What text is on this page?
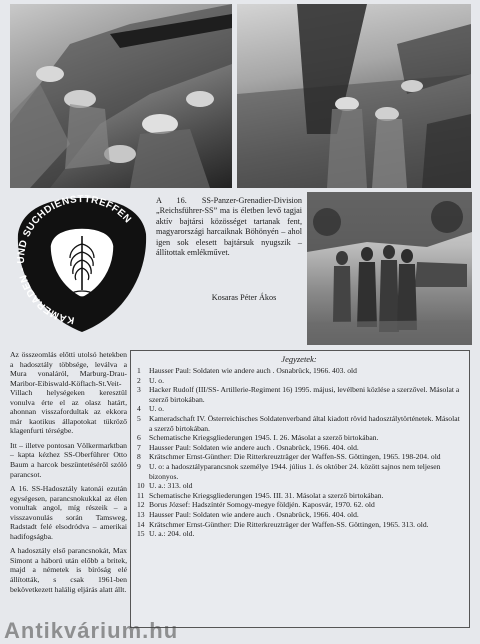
KAMERADEN - UND SUCHDIENSTTREFFEN
A 16. SS-Panzer-Grenadier-Division „Reichsführer-SS” ma is életben levő tagjai aktív bajtársi közösséget tartanak fent, magyarországi harcaiknak Böhönyén – ahol igen sok elesett bajtársuk nyugszik – állítottak emlékművet.
Kosaras Péter Ákos

Az összeomlás előtti utolsó hetekben a hadosztály többsége, leválva a Mura vonaláról, Marburg-Drau-Maribor-Eibiswald-Köflach-St.Veit-Villach helységeken keresztül vonulva érte el az olasz határt, ahonnan visszafordultak az ekkora már kaotikus állapotokat tükröző klagenfurti térségbe.

Itt – illetve pontosan Völkermarktban – kapta kézhez SS-Oberführer Otto Baum a harcok beszüntetéséről szóló parancsot.

A 16. SS-Hadosztály katonái ezután egységesen, parancsnokukkal az élen vonultak angol, míg részeik – a visszavonulás során Tamsweg, Radstadt felé elsodródva – amerikai hadifogságba.

A hadosztály első parancsnokát, Max Simont a háború után előbb a britek, majd a németek is bíróság elé állították, s csak 1961-ben bekövetkezett halálig eljárás alatt állt.

Jegyzetek:
1	Hausser Paul: Soldaten wie andere auch . Osnabrück, 1966. 403. old
2	U. o.
3	Hacker Rudolf (III/SS- Artillerie-Regiment 16) 1995. májusi, levélbeni közlése a szerzővel. Másolat a szerző birtokában.
4	U. o.
5	Kameradschaft IV. Österreichisches Soldatenverband által kiadott rövid hadosztálytörténetek. Másolat a szerző birtokában.
6	Schematische Kriegsgliederungen 1945. I. 26. Másolat a szerző birtokában.
7	Hausser Paul: Soldaten wie andere auch . Osnabrück, 1966. 404. old.
8	Krätschmer Ernst-Günther: Die Ritterkreuzträger der Waffen-SS. Göttingen, 1965. 198-204. old
9	U. o: a hadosztályparancsnok személye 1944. július 1. és október 24. között sajnos nem teljesen bizonyos.
10 U. a.: 313. old
11 Schematische Kriegsgliederungen 1945. III. 31. Másolat a szerző birtokában.
12 Borus József: Hadszíntér Somogy-megye földjén. Kaposvár, 1970. 62. old
13 Hausser Paul: Soldaten wie andere auch . Osnabrück, 1966. 404. old.
14 Krätschmer Ernst-Günther: Die Ritterkreuzträger der Waffen-SS. Göttingen, 1965. 313. old.
15 U. a.: 204. old.
Antikvárium.hu
